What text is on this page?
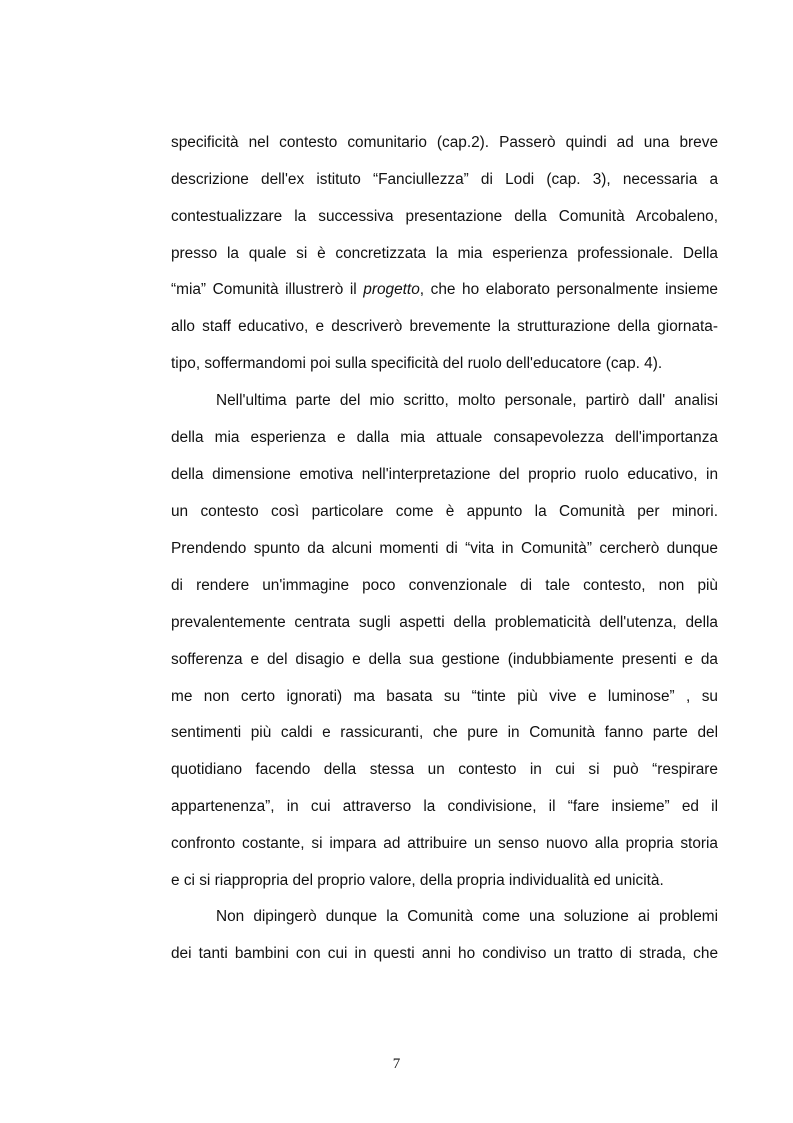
specificità nel contesto comunitario (cap.2). Passerò quindi ad una breve
descrizione dell'ex istituto “Fanciullezza” di Lodi (cap. 3), necessaria a
contestualizzare la successiva presentazione della Comunità Arcobaleno,
presso la quale si è concretizzata la mia esperienza professionale. Della
“mia” Comunità illustrerò il progetto, che ho elaborato personalmente insieme
allo staff educativo, e descriverò brevemente la strutturazione della giornata-
tipo, soffermandomi poi sulla specificità del ruolo dell'educatore (cap. 4).
Nell'ultima parte del mio scritto, molto personale, partirò dall' analisi
della mia esperienza e dalla mia attuale consapevolezza dell'importanza
della dimensione emotiva nell'interpretazione del proprio ruolo educativo, in
un contesto così particolare come è appunto la Comunità per minori.
Prendendo spunto da alcuni momenti di “vita in Comunità” cercherò dunque
di rendere un'immagine poco convenzionale di tale contesto, non più
prevalentemente centrata sugli aspetti della problematicità dell'utenza, della
sofferenza e del disagio e della sua gestione (indubbiamente presenti e da
me non certo ignorati) ma basata su “tinte più vive e luminose” , su
sentimenti più caldi e rassicuranti, che pure in Comunità fanno parte del
quotidiano facendo della stessa un contesto in cui si può “respirare
appartenenza”, in cui attraverso la condivisione, il “fare insieme” ed il
confronto costante, si impara ad attribuire un senso nuovo alla propria storia
e ci si riappropria del proprio valore, della propria individualità ed unicità.
Non dipingerò dunque la Comunità come una soluzione ai problemi
dei tanti bambini con cui in questi anni ho condiviso un tratto di strada, che
7
